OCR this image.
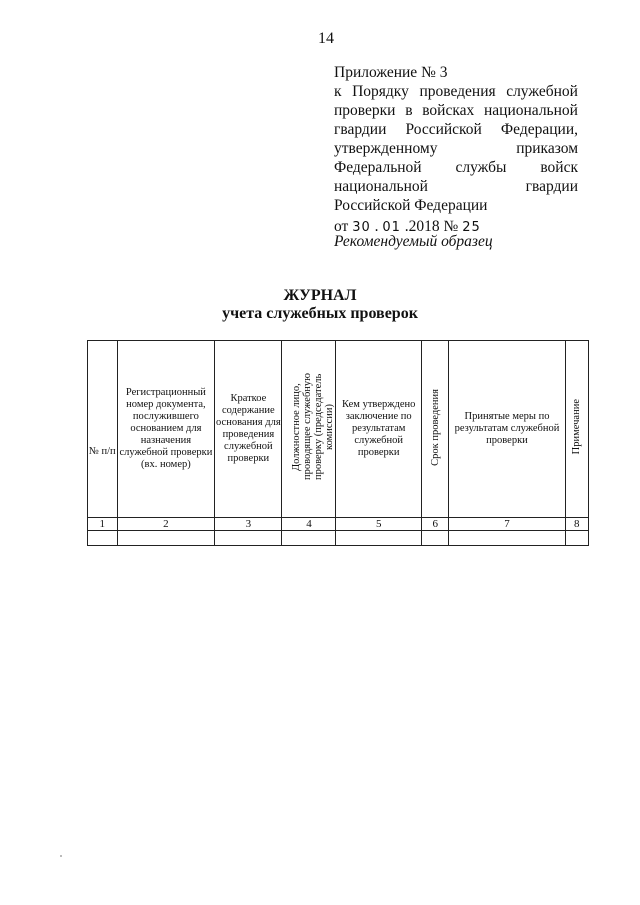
14
Приложение № 3
к Порядку проведения служебной
проверки в войсках национальной
гвардии Российской Федерации,
утвержденному	приказом
Федеральной службы войск
национальной	гвардии
Российской Федерации
от 30 . 01 .2018 № 25
Рекомендуемый образец
ЖУРНАЛ
учета служебных проверок
№ п/п	Регистрационный номер документа, послужившего основанием для назначения служебной проверки (вх. номер)	Краткое содержание основания для проведения служебной проверки	Должностное лицо, проводящее служебную проверку (председатель комиссии)	Кем утверждено заключение по результатам служебной проверки	Срок проведения	Принятые меры по результатам служебной проверки	Примечание
1	2	3	4	5	6	7	8
